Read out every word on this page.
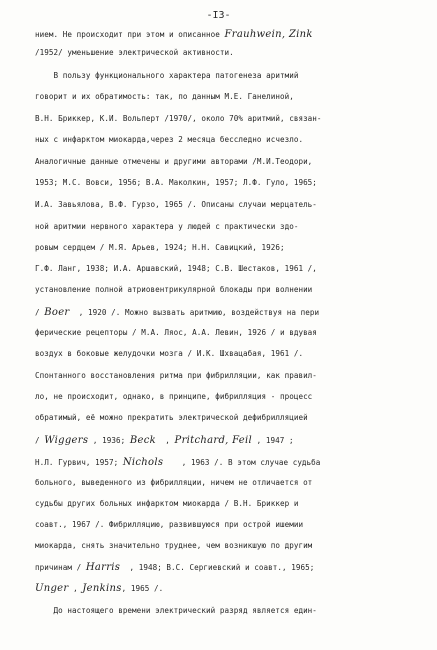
-I3-
нием. Не происходит при этом и описанное Frauhwein, Zink
/1952/ уменьшение электрической активности.
В пользу функционального характера патогенеза аритмий
говорит и их обратимость: так, по данным М.Е. Ганелиной,
В.Н. Бриккер, К.И. Вольперт /1970/, около 70% аритмий, связан-
ных с инфарктом миокарда,через 2 месяца бесследно исчезло.
Аналогичные данные отмечены и другими авторами /М.И.Теодори,
1953; М.С. Вовси, 1956; В.А. Маколкин, 1957; Л.Ф. Гуло, 1965;
И.А. Завьялова, В.Ф. Гурзо, 1965 /. Описаны случаи мерцатель-
ной аритмии нервного характера у людей с практически здо-
ровым сердцем / М.Я. Арьев, 1924; Н.Н. Савицкий, 1926;
Г.Ф. Ланг, 1938; И.А. Аршавский, 1948; С.В. Шестаков, 1961 /,
установление полной атриовентрикулярной блокады при волнении
/ Boer  , 1920 /. Можно вызвать аритмию, воздействуя на пери
ферические рецепторы / М.А. Ляос, А.А. Левин, 1926 / и вдувая
воздух в боковые желудочки мозга / И.К. Шхвацабая, 1961 /.
Спонтанного восстановления ритма при фибрилляции, как правил-
ло, не происходит, однако, в принципе, фибрилляция - процесс
обратимый, её можно прекратить электрической дефибрилляцией
/ Wiggers , 1936; Beck  , Pritchard, Feil , 1947 ;
Н.Л. Гурвич, 1957; Nichols    , 1963 /. В этом случае судьба
больного, выведенного из фибрилляции, ничем не отличается от
судьбы других больных инфарктом миокарда / В.Н. Бриккер и
соавт., 1967 /. Фибрилляцию, развившуюся при острой ишемии
миокарда, снять значительно труднее, чем возникшую по другим
причинам / Harris  , 1948; В.С. Сергиевский и соавт., 1965;
Unger , Jenkins, 1965 /.
До настоящего времени электрический разряд является един-
